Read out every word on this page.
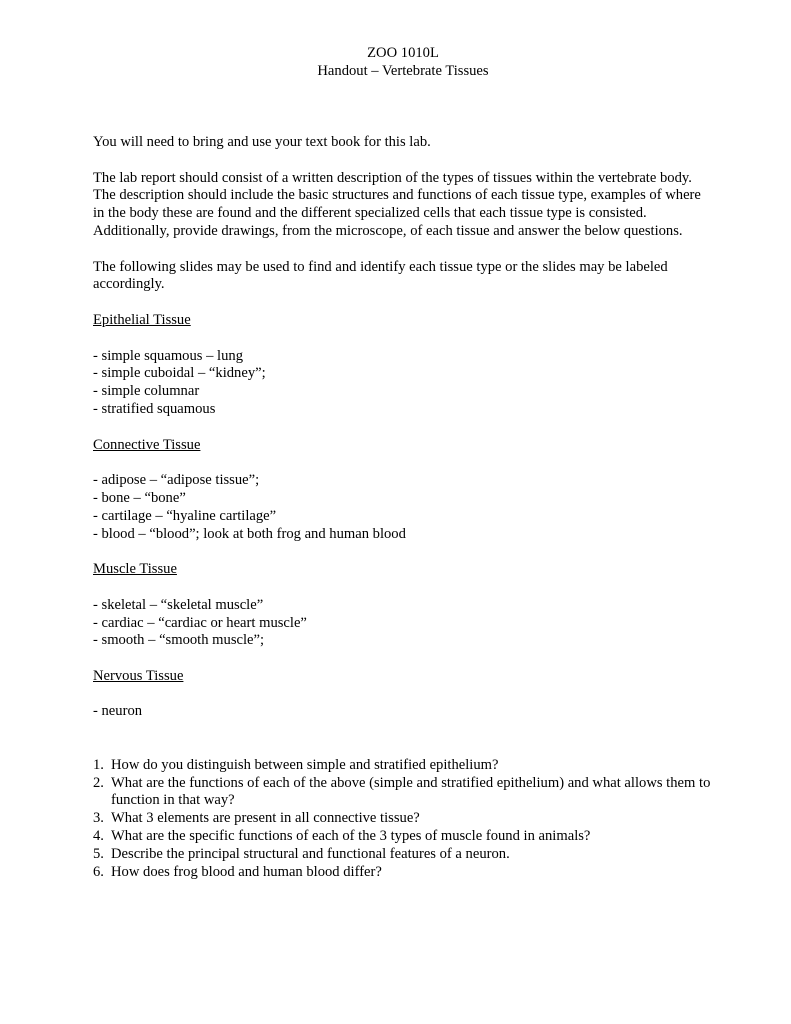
ZOO 1010L

Handout – Vertebrate Tissues

You will need to bring and use your text book for this lab.

The lab report should consist of a written description of the types of tissues within the vertebrate body. The description should include the basic structures and functions of each tissue type, examples of where in the body these are found and the different specialized cells that each tissue type is consisted. Additionally, provide drawings, from the microscope, of each tissue and answer the below questions.

The following slides may be used to find and identify each tissue type or the slides may be labeled accordingly.

Epithelial Tissue

- simple squamous – lung
- simple cuboidal – “kidney”;
- simple columnar
- stratified squamous

Connective Tissue

- adipose – “adipose tissue”;
- bone – “bone”
- cartilage – “hyaline cartilage”
- blood – “blood”; look at both frog and human blood

Muscle Tissue

- skeletal – “skeletal muscle”
- cardiac – “cardiac or heart muscle”
- smooth – “smooth muscle”;

Nervous Tissue

- neuron
1. How do you distinguish between simple and stratified epithelium?
2. What are the functions of each of the above (simple and stratified epithelium) and what allows them to function in that way?
3. What 3 elements are present in all connective tissue?
4. What are the specific functions of each of the 3 types of muscle found in animals?
5. Describe the principal structural and functional features of a neuron.
6. How does frog blood and human blood differ?
